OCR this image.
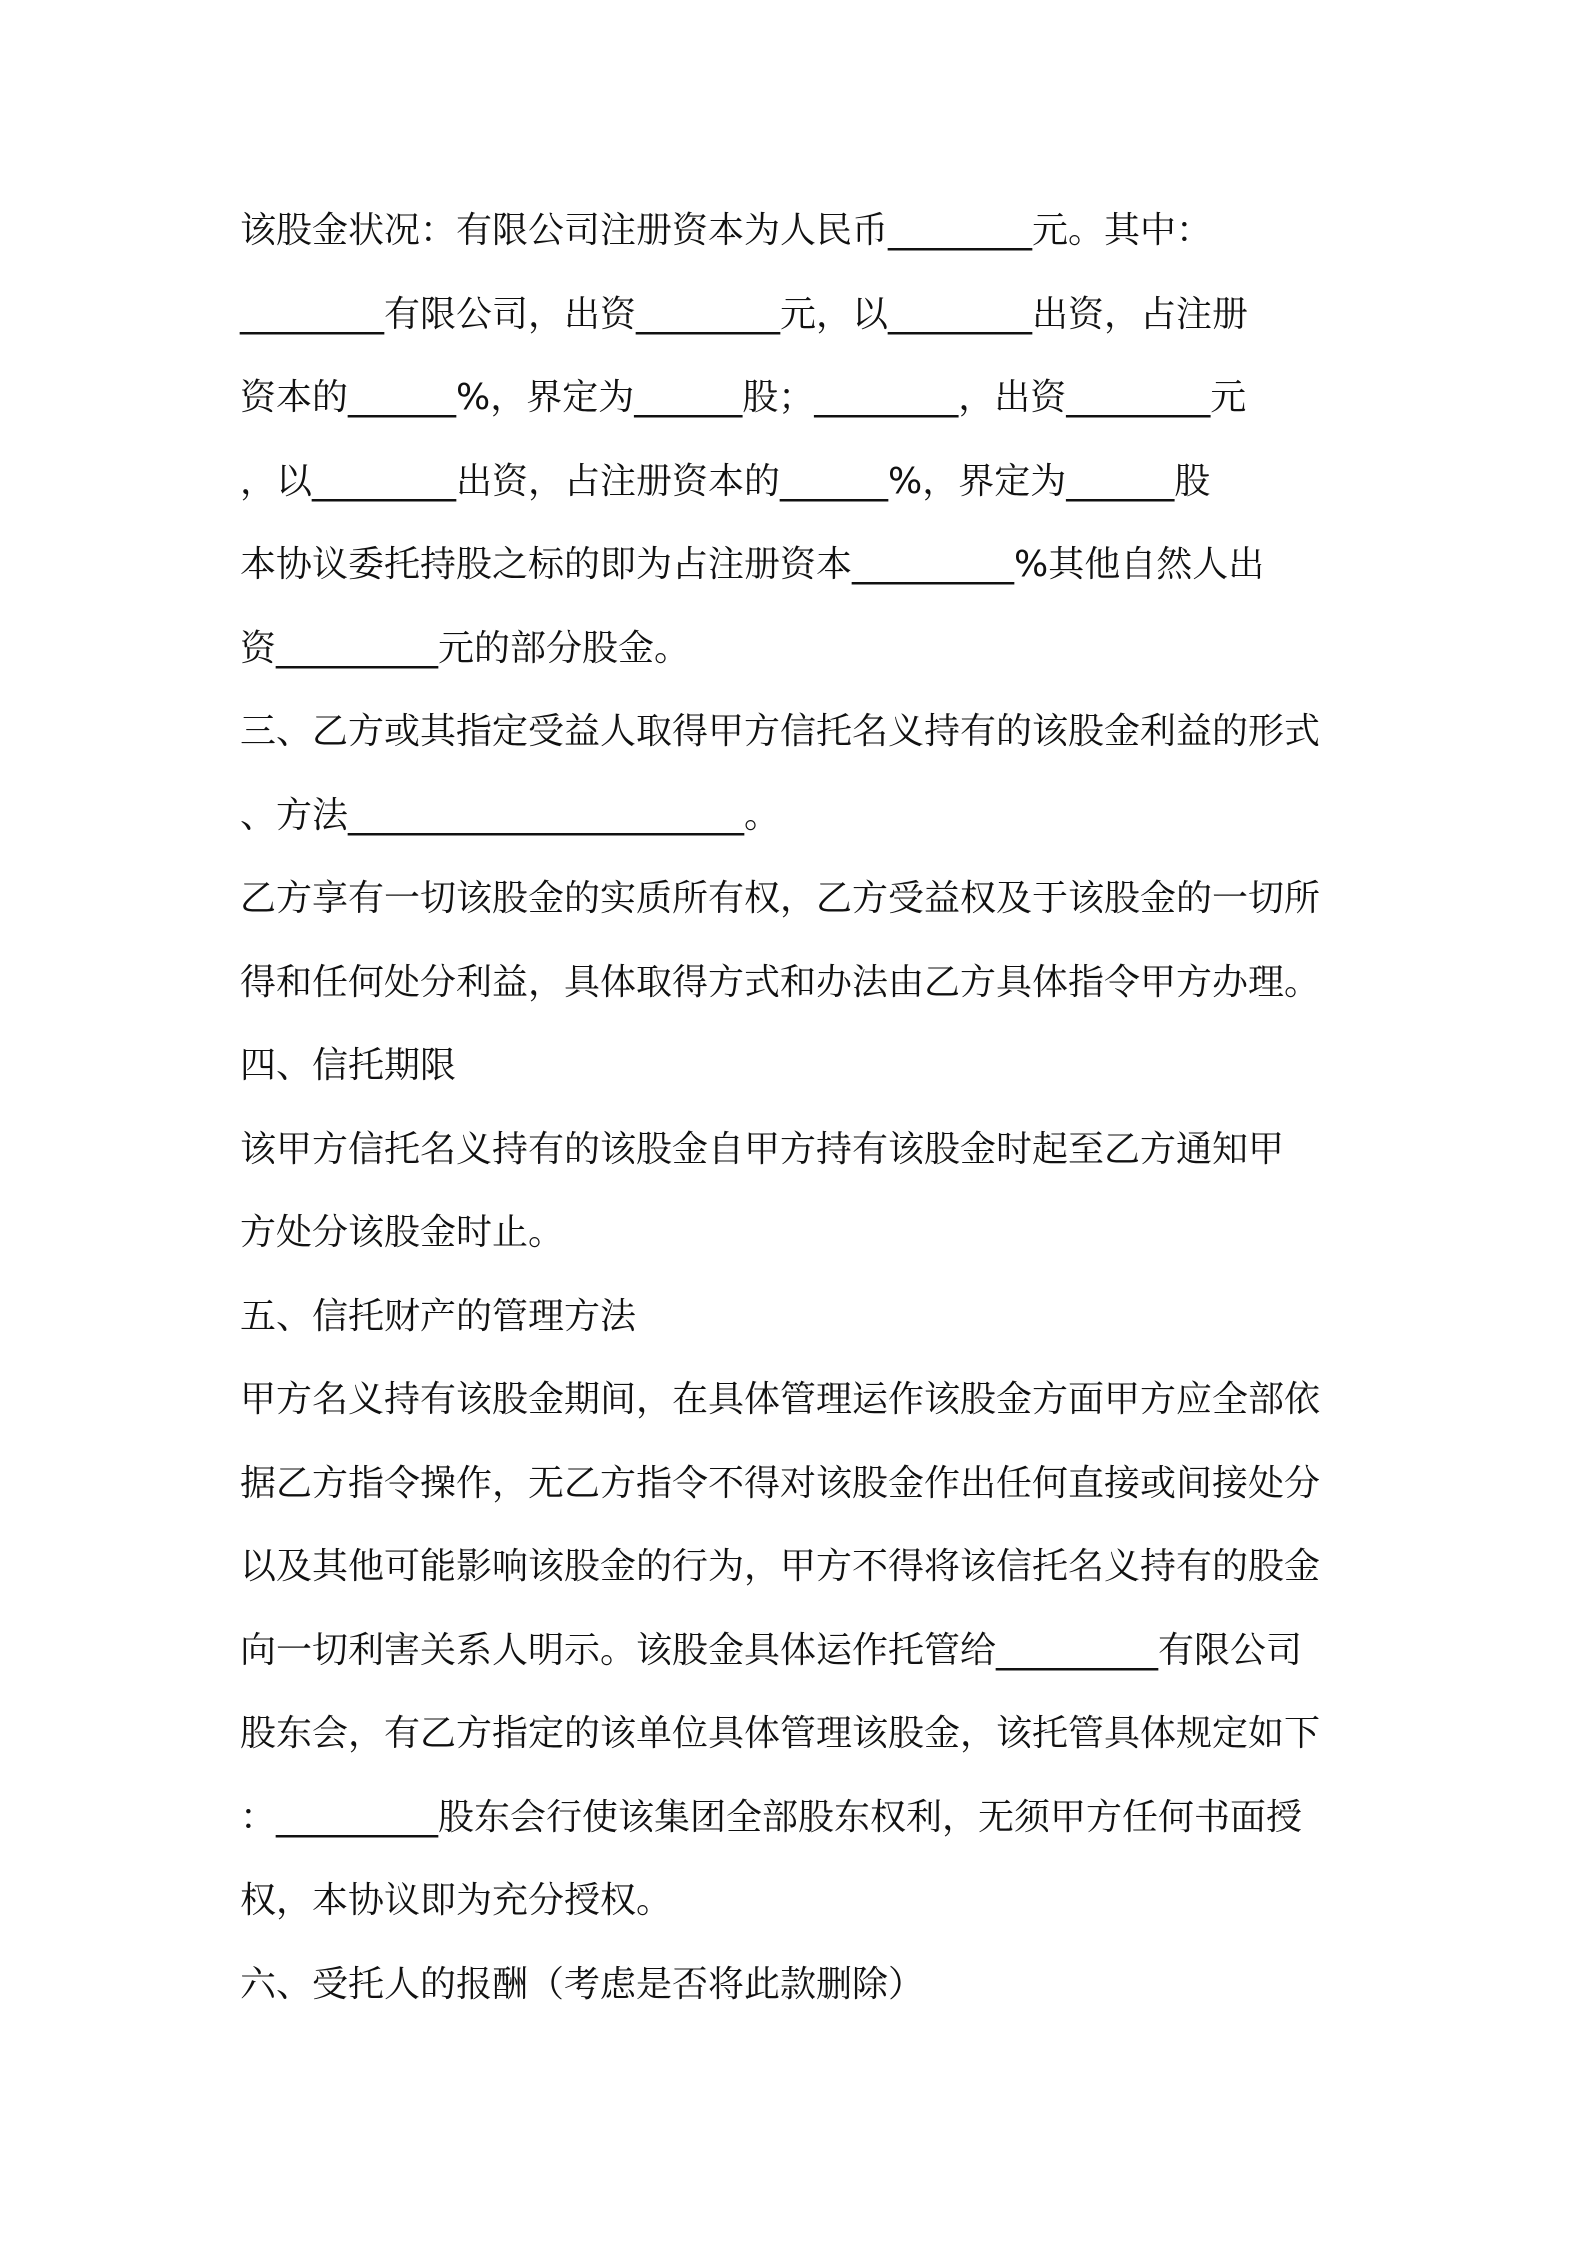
该股金状况：有限公司注册资本为人民币________元。其中：
________有限公司，出资________元，以________出资，占注册
资本的______%，界定为______股；________，出资________元
，以________出资，占注册资本的______%，界定为______股
本协议委托持股之标的即为占注册资本_________%其他自然人出
资_________元的部分股金。
三、乙方或其指定受益人取得甲方信托名义持有的该股金利益的形式
、方法______________________。
乙方享有一切该股金的实质所有权，乙方受益权及于该股金的一切所
得和任何处分利益，具体取得方式和办法由乙方具体指令甲方办理。
四、信托期限
该甲方信托名义持有的该股金自甲方持有该股金时起至乙方通知甲
方处分该股金时止。
五、信托财产的管理方法
甲方名义持有该股金期间，在具体管理运作该股金方面甲方应全部依
据乙方指令操作，无乙方指令不得对该股金作出任何直接或间接处分
以及其他可能影响该股金的行为，甲方不得将该信托名义持有的股金
向一切利害关系人明示。该股金具体运作托管给_________有限公司
股东会，有乙方指定的该单位具体管理该股金，该托管具体规定如下
：_________股东会行使该集团全部股东权利，无须甲方任何书面授
权，本协议即为充分授权。
六、受托人的报酬（考虑是否将此款删除）
